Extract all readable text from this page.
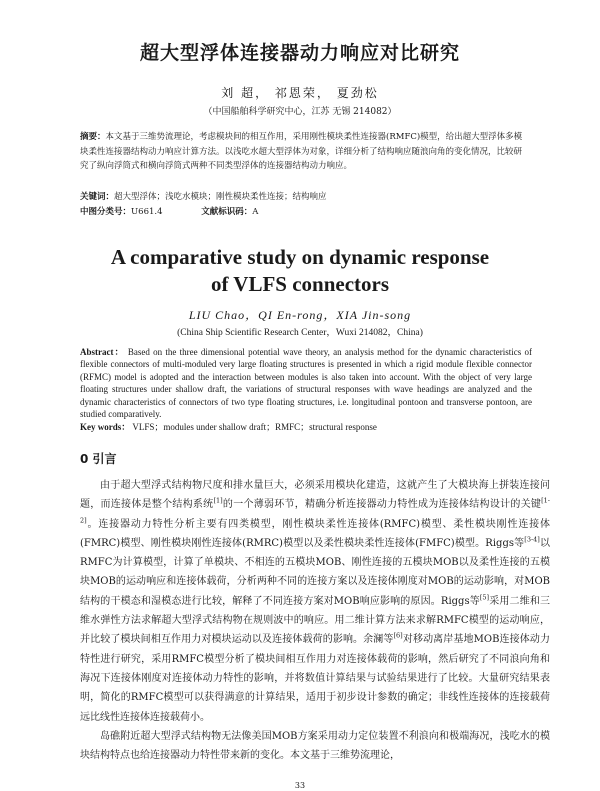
超大型浮体连接器动力响应对比研究
刘 超， 祁恩荣， 夏劲松
（中国船舶科学研究中心，江苏 无锡 214082）
摘要：本文基于三维势流理论，考虑模块间的相互作用，采用刚性模块柔性连接器(RMFC)模型，给出超大型浮体多模块柔性连接器结构动力响应计算方法。以浅吃水超大型浮体为对象，详细分析了结构响应随浪向角的变化情况，比较研究了纵向浮筒式和横向浮筒式两种不同类型浮体的连接器结构动力响应。
关键词：超大型浮体；浅吃水模块；刚性模块柔性连接；结构响应
中图分类号：U661.4	文献标识码：A
A comparative study on dynamic response
of VLFS connectors
LIU Chao，QI En-rong，XIA Jin-song
(China Ship Scientific Research Center，Wuxi 214082，China)
Abstract： Based on the three dimensional potential wave theory, an analysis method for the dynamic characteristics of flexible connectors of multi-moduled very large floating structures is presented in which a rigid module flexible connector (RFMC) model is adopted and the interaction between modules is also taken into account. With the object of very large floating structures under shallow draft, the variations of structural responses with wave headings are analyzed and the dynamic characteristics of connectors of two type floating structures, i.e. longitudinal pontoon and transverse pontoon, are studied comparatively.
Key words： VLFS；modules under shallow draft；RMFC；structural response
0 引言

由于超大型浮式结构物尺度和排水量巨大，必须采用模块化建造，这就产生了大模块海上拼装连接问题，而连接体是整个结构系统[1]的一个薄弱环节，精确分析连接器动力特性成为连接体结构设计的关键[1-2]。连接器动力特性分析主要有四类模型，刚性模块柔性连接体(RMFC)模型、柔性模块刚性连接体(FMRC)模型、刚性模块刚性连接体(RMRC)模型以及柔性模块柔性连接体(FMFC)模型。Riggs等[3-4]以RMFC为计算模型，计算了单模块、不相连的五模块MOB、刚性连接的五模块MOB以及柔性连接的五模块MOB的运动响应和连接体载荷，分析两种不同的连接方案以及连接体刚度对MOB的运动影响，对MOB结构的干模态和湿模态进行比较，解释了不同连接方案对MOB响应影响的原因。Riggs等[5]采用二维和三维水弹性方法求解超大型浮式结构物在规则波中的响应。用二维计算方法来求解RMFC模型的运动响应，并比较了模块间相互作用力对模块运动以及连接体载荷的影响。余澜等[6]对移动离岸基地MOB连接体动力特性进行研究，采用RMFC模型分析了模块间相互作用力对连接体载荷的影响，然后研究了不同浪向角和海况下连接体刚度对连接体动力特性的影响，并将数值计算结果与试验结果进行了比较。大量研究结果表明，简化的RMFC模型可以获得满意的计算结果，适用于初步设计参数的确定；非线性连接体的连接载荷远比线性连接体连接载荷小。

岛礁附近超大型浮式结构物无法像美国MOB方案采用动力定位装置不利浪向和极端海况，浅吃水的模块结构特点也给连接器动力特性带来新的变化。本文基于三维势流理论，

33
